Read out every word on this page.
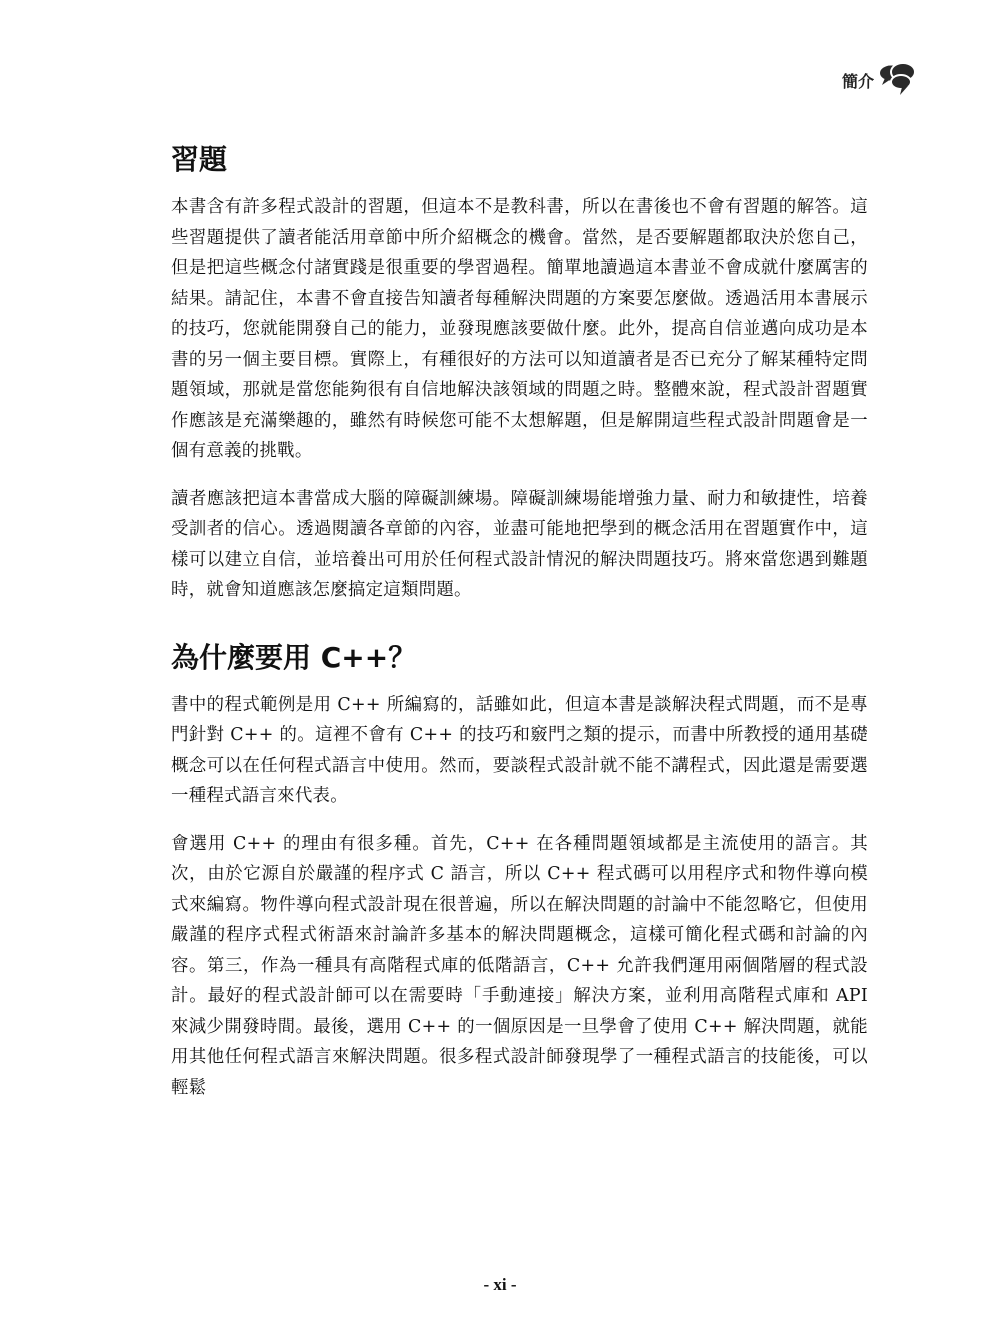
簡介
習題

本書含有許多程式設計的習題，但這本不是教科書，所以在書後也不會有習題的解答。這些習題提供了讀者能活用章節中所介紹概念的機會。當然，是否要解題都取決於您自己，但是把這些概念付諸實踐是很重要的學習過程。簡單地讀過這本書並不會成就什麼厲害的結果。請記住，本書不會直接告知讀者每種解決問題的方案要怎麼做。透過活用本書展示的技巧，您就能開發自己的能力，並發現應該要做什麼。此外，提高自信並邁向成功是本書的另一個主要目標。實際上，有種很好的方法可以知道讀者是否已充分了解某種特定問題領域，那就是當您能夠很有自信地解決該領域的問題之時。整體來說，程式設計習題實作應該是充滿樂趣的，雖然有時候您可能不太想解題，但是解開這些程式設計問題會是一個有意義的挑戰。

讀者應該把這本書當成大腦的障礙訓練場。障礙訓練場能增強力量、耐力和敏捷性，培養受訓者的信心。透過閱讀各章節的內容，並盡可能地把學到的概念活用在習題實作中，這樣可以建立自信，並培養出可用於任何程式設計情況的解決問題技巧。將來當您遇到難題時，就會知道應該怎麼搞定這類問題。

為什麼要用 C++？

書中的程式範例是用 C++ 所編寫的，話雖如此，但這本書是談解決程式問題，而不是專門針對 C++ 的。這裡不會有 C++ 的技巧和竅門之類的提示，而書中所教授的通用基礎概念可以在任何程式語言中使用。然而，要談程式設計就不能不講程式，因此還是需要選一種程式語言來代表。

會選用 C++ 的理由有很多種。首先，C++ 在各種問題領域都是主流使用的語言。其次，由於它源自於嚴謹的程序式 C 語言，所以 C++ 程式碼可以用程序式和物件導向模式來編寫。物件導向程式設計現在很普遍，所以在解決問題的討論中不能忽略它，但使用嚴謹的程序式程式術語來討論許多基本的解決問題概念，這樣可簡化程式碼和討論的內容。第三，作為一種具有高階程式庫的低階語言，C++ 允許我們運用兩個階層的程式設計。最好的程式設計師可以在需要時「手動連接」解決方案，並利用高階程式庫和 API 來減少開發時間。最後，選用 C++ 的一個原因是一旦學會了使用 C++ 解決問題，就能用其他任何程式語言來解決問題。很多程式設計師發現學了一種程式語言的技能後，可以輕鬆

- xi -
